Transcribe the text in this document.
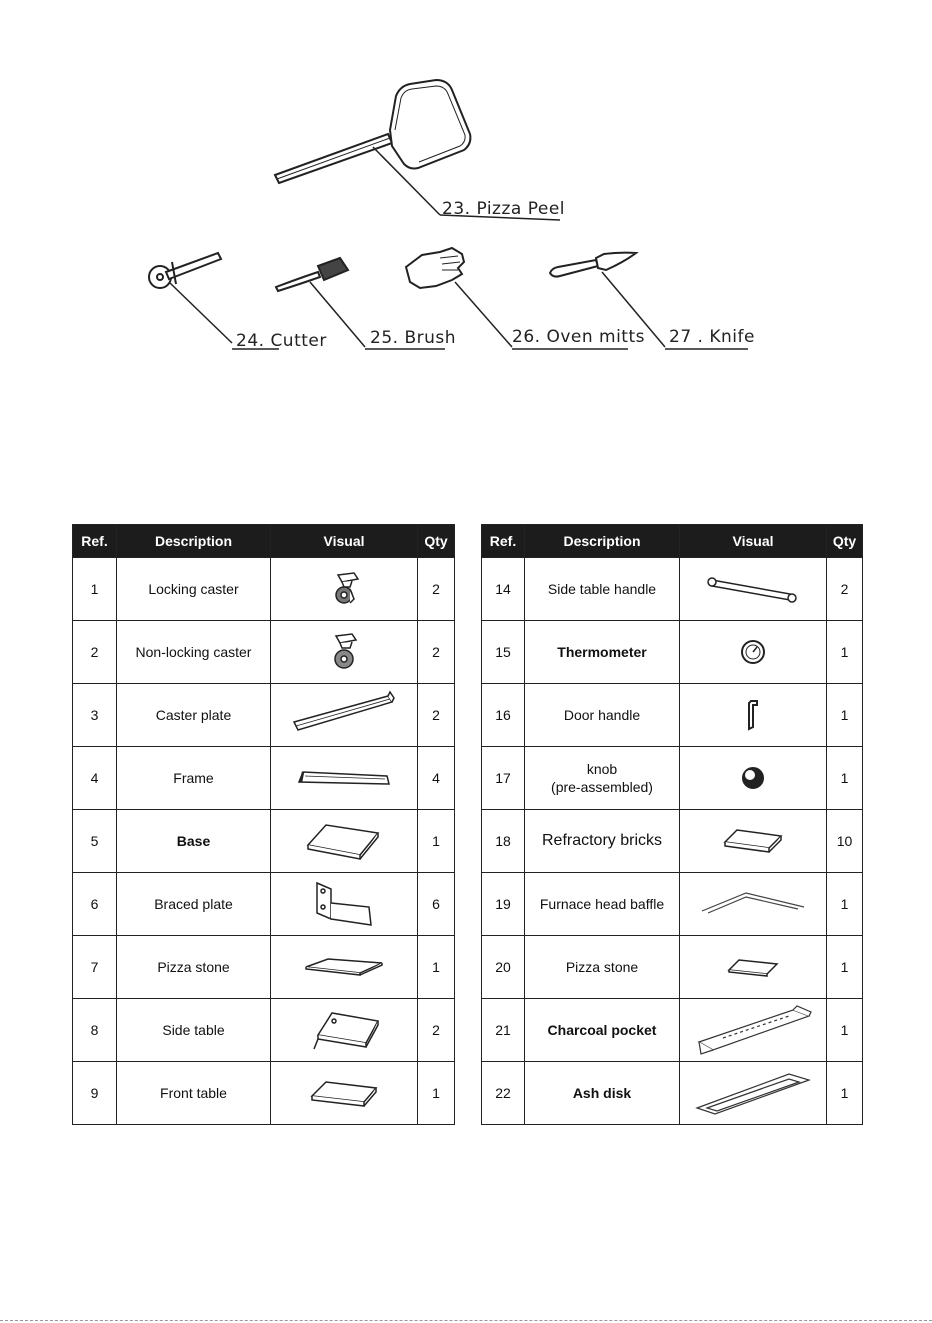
23. Pizza Peel
24. Cutter	25. Brush	26. Oven mitts 27 . Knife
Ref.	Description	Visual	Qty
1	Locking caster		2
2	Non-locking caster		2
3	Caster plate		2
4	Frame		4
5	Base		1
6	Braced plate		6
7	Pizza stone		1
8	Side table		2
9	Front table		1
Ref.	Description	Visual	Qty
14	Side table handle		2
15	Thermometer		1
16	Door handle		1
17	knob
(pre-assembled)		1
18	Refractory bricks		10
19	Furnace head baffle		1
20	Pizza stone		1
21	Charcoal pocket		1
22	Ash disk		1
